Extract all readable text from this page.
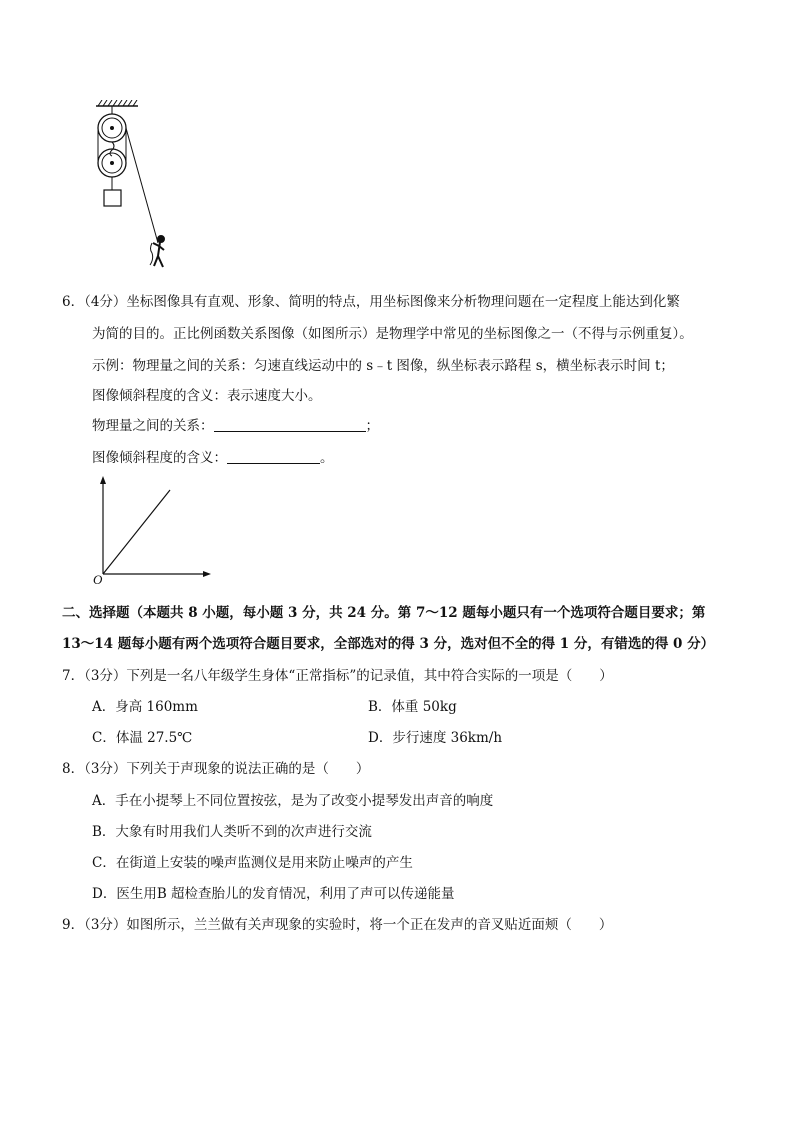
6．（4分）坐标图像具有直观、形象、简明的特点，用坐标图像来分析物理问题在一定程度上能达到化繁
为简的目的。正比例函数关系图像（如图所示）是物理学中常见的坐标图像之一（不得与示例重复）。
示例：物理量之间的关系：匀速直线运动中的 s﹣t 图像，纵坐标表示路程 s，横坐标表示时间 t；
图像倾斜程度的含义：表示速度大小。
物理量之间的关系：	；
图像倾斜程度的含义：	。
O
二、选择题（本题共 8 小题，每小题 3 分，共 24 分。第 7～12 题每小题只有一个选项符合题目要求；第
13～14 题每小题有两个选项符合题目要求，全部选对的得 3 分，选对但不全的得 1 分，有错选的得 0 分）
7．（3分）下列是一名八年级学生身体“正常指标”的记录值，其中符合实际的一项是（　　）
A．身高 160mm	B．体重 50kg
C．体温 27.5℃	D．步行速度 36km/h
8．（3分）下列关于声现象的说法正确的是（　　）
A．手在小提琴上不同位置按弦，是为了改变小提琴发出声音的响度
B．大象有时用我们人类听不到的次声进行交流
C．在街道上安装的噪声监测仪是用来防止噪声的产生
D．医生用B 超检查胎儿的发育情况，利用了声可以传递能量
9．（3分）如图所示，兰兰做有关声现象的实验时，将一个正在发声的音叉贴近面颊（　　）
